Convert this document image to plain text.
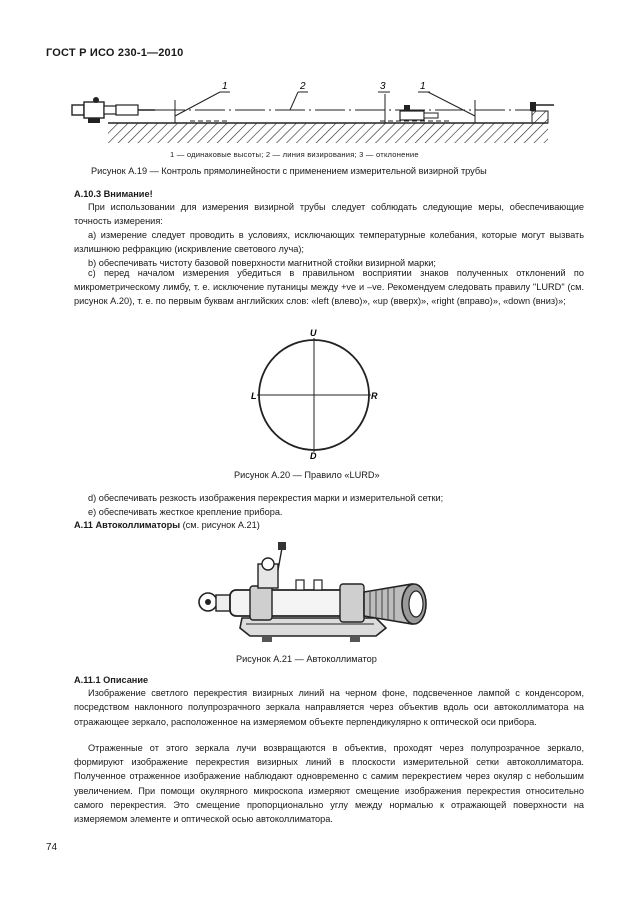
ГОСТ Р ИСО 230-1—2010
1	2	3	1
1 — одинаковые высоты; 2 — линия визирования; 3 — отклонение
Рисунок А.19 — Контроль прямолинейности с применением измерительной визирной трубы
А.10.3 Внимание!
При использовании для измерения визирной трубы следует соблюдать следующие меры, обеспечивающие точность измерения:
а) измерение следует проводить в условиях, исключающих температурные колебания, которые могут вызвать излишнюю рефракцию (искривление светового луча);
b) обеспечивать чистоту базовой поверхности магнитной стойки визирной марки;
с) перед началом измерения убедиться в правильном восприятии знаков полученных отклонений по микрометрическому лимбу, т. е. исключение путаницы между +ve и –ve. Рекомендуем следовать правилу "LURD" (см. рисунок А.20), т. е. по первым буквам английских слов: «left (влево)», «up (вверх)», «right (вправо)», «down (вниз)»;
U
L	R
D
Рисунок А.20 — Правило «LURD»
d) обеспечивать резкость изображения перекрестия марки и измерительной сетки;
е) обеспечивать жесткое крепление прибора.
А.11 Автоколлиматоры (см. рисунок А.21)
Рисунок А.21 — Автоколлиматор
А.11.1 Описание
Изображение светлого перекрестия визирных линий на черном фоне, подсвеченное лампой с конденсором, посредством наклонного полупрозрачного зеркала направляется через объектив вдоль оси автоколлиматора на отражающее зеркало, расположенное на измеряемом объекте перпендикулярно к оптической оси прибора.
Отраженные от этого зеркала лучи возвращаются в объектив, проходят через полупрозрачное зеркало, формируют изображение перекрестия визирных линий в плоскости измерительной сетки автоколлиматора. Полученное отраженное изображение наблюдают одновременно с самим перекрестием через окуляр с небольшим увеличением. При помощи окулярного микроскопа измеряют смещение изображения перекрестия относительно самого перекрестия. Это смещение пропорционально углу между нормалью к отражающей поверхности на измеряемом элементе и оптической осью автоколлиматора.
74
